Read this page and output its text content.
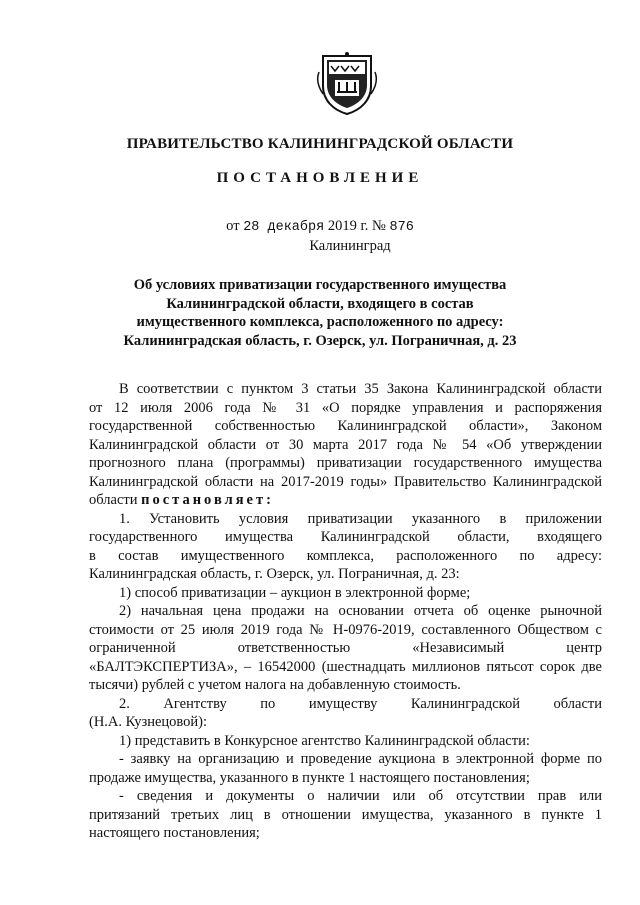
ПРАВИТЕЛЬСТВО КАЛИНИНГРАДСКОЙ ОБЛАСТИ
ПОСТАНОВЛЕНИЕ
от 28 декабря 2019 г. № 876
Калининград
Об условиях приватизации государственного имущества
Калининградской области, входящего в состав
имущественного комплекса, расположенного по адресу:
Калининградская область, г. Озерск, ул. Пограничная, д. 23
В соответствии с пунктом 3 статьи 35 Закона Калининградской области
от 12 июля 2006 года № 31 «О порядке управления и распоряжения
государственной собственностью Калининградской области», Законом
Калининградской области от 30 марта 2017 года № 54 «Об утверждении
прогнозного плана (программы) приватизации государственного имущества
Калининградской области на 2017-2019 годы» Правительство Калининградской
области постановляет:
1. Установить условия приватизации указанного в приложении
государственного имущества Калининградской области, входящего
в состав имущественного комплекса, расположенного по адресу:
Калининградская область, г. Озерск, ул. Пограничная, д. 23:
1) способ приватизации – аукцион в электронной форме;
2) начальная цена продажи на основании отчета об оценке рыночной
стоимости от 25 июля 2019 года № Н-0976-2019, составленного Обществом с
ограниченной ответственностью «Независимый центр
«БАЛТЭКСПЕРТИЗА», – 16542000 (шестнадцать миллионов пятьсот сорок две
тысячи) рублей с учетом налога на добавленную стоимость.
2. Агентству по имуществу Калининградской области
(Н.А. Кузнецовой):
1) представить в Конкурсное агентство Калининградской области:
- заявку на организацию и проведение аукциона в электронной форме по
продаже имущества, указанного в пункте 1 настоящего постановления;
- сведения и документы о наличии или об отсутствии прав или
притязаний третьих лиц в отношении имущества, указанного в пункте 1
настоящего постановления;
